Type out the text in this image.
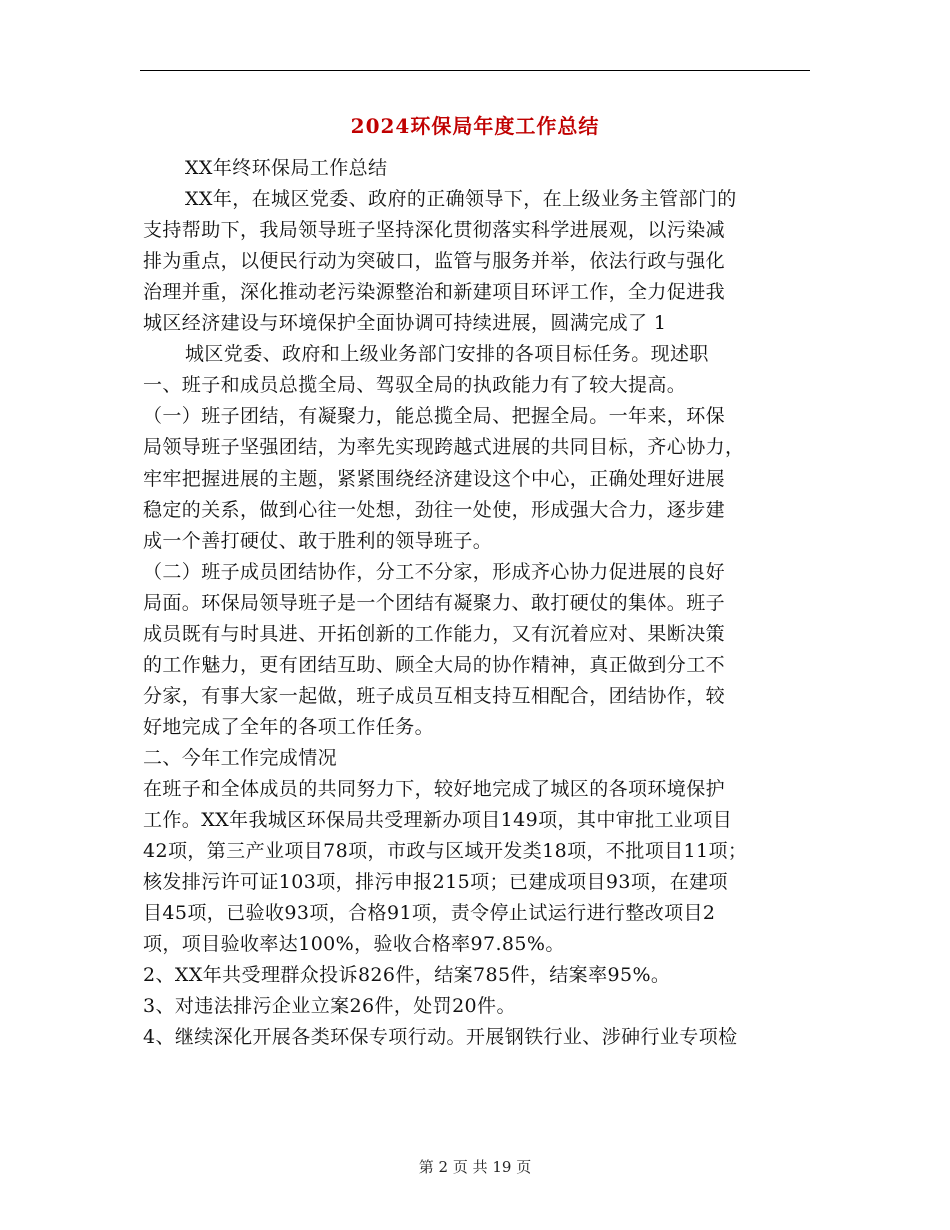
2024环保局年度工作总结
XX年终环保局工作总结
XX年，在城区党委、政府的正确领导下，在上级业务主管部门的
支持帮助下，我局领导班子坚持深化贯彻落实科学进展观，以污染减
排为重点，以便民行动为突破口，监管与服务并举，依法行政与强化
治理并重，深化推动老污染源整治和新建项目环评工作，全力促进我
城区经济建设与环境保护全面协调可持续进展，圆满完成了 1
城区党委、政府和上级业务部门安排的各项目标任务。现述职
一、班子和成员总揽全局、驾驭全局的执政能力有了较大提高。
（一）班子团结，有凝聚力，能总揽全局、把握全局。一年来，环保
局领导班子坚强团结，为率先实现跨越式进展的共同目标，齐心协力，
牢牢把握进展的主题，紧紧围绕经济建设这个中心，正确处理好进展
稳定的关系，做到心往一处想，劲往一处使，形成强大合力，逐步建
成一个善打硬仗、敢于胜利的领导班子。
（二）班子成员团结协作，分工不分家，形成齐心协力促进展的良好
局面。环保局领导班子是一个团结有凝聚力、敢打硬仗的集体。班子
成员既有与时具进、开拓创新的工作能力，又有沉着应对、果断决策
的工作魅力，更有团结互助、顾全大局的协作精神，真正做到分工不
分家，有事大家一起做，班子成员互相支持互相配合，团结协作，较
好地完成了全年的各项工作任务。
二、今年工作完成情况
在班子和全体成员的共同努力下，较好地完成了城区的各项环境保护
工作。XX年我城区环保局共受理新办项目149项，其中审批工业项目
42项，第三产业项目78项，市政与区域开发类18项，不批项目11项；
核发排污许可证103项，排污申报215项；已建成项目93项，在建项
目45项，已验收93项，合格91项，责令停止试运行进行整改项目2
项，项目验收率达100%，验收合格率97.85%。
2、XX年共受理群众投诉826件，结案785件，结案率95%。
3、对违法排污企业立案26件，处罚20件。
4、继续深化开展各类环保专项行动。开展钢铁行业、涉砷行业专项检
第 2 页 共 19 页
